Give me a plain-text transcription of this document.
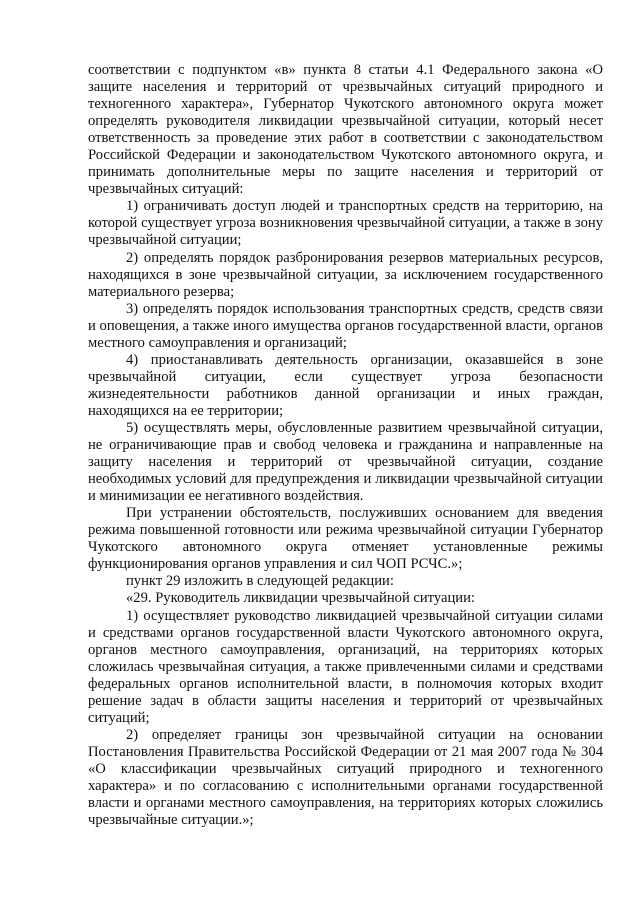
соответствии с подпунктом «в» пункта 8 статьи 4.1 Федерального закона «О защите населения и территорий от чрезвычайных ситуаций природного и техногенного характера», Губернатор Чукотского автономного округа может определять руководителя ликвидации чрезвычайной ситуации, который несет ответственность за проведение этих работ в соответствии с законодательством Российской Федерации и законодательством Чукотского автономного округа, и принимать дополнительные меры по защите населения и территорий от чрезвычайных ситуаций:

1) ограничивать доступ людей и транспортных средств на территорию, на которой существует угроза возникновения чрезвычайной ситуации, а также в зону чрезвычайной ситуации;

2) определять порядок разбронирования резервов материальных ресурсов, находящихся в зоне чрезвычайной ситуации, за исключением государственного материального резерва;

3) определять порядок использования транспортных средств, средств связи и оповещения, а также иного имущества органов государственной власти, органов местного самоуправления и организаций;

4) приостанавливать деятельность организации, оказавшейся в зоне чрезвычайной ситуации, если существует угроза безопасности жизнедеятельности работников данной организации и иных граждан, находящихся на ее территории;

5) осуществлять меры, обусловленные развитием чрезвычайной ситуации, не ограничивающие прав и свобод человека и гражданина и направленные на защиту населения и территорий от чрезвычайной ситуации, создание необходимых условий для предупреждения и ликвидации чрезвычайной ситуации и минимизации ее негативного воздействия.

При устранении обстоятельств, послуживших основанием для введения режима повышенной готовности или режима чрезвычайной ситуации Губернатор Чукотского автономного округа отменяет установленные режимы функционирования органов управления и сил ЧОП РСЧС.»;

пункт 29 изложить в следующей редакции:

«29. Руководитель ликвидации чрезвычайной ситуации:

1) осуществляет руководство ликвидацией чрезвычайной ситуации силами и средствами органов государственной власти Чукотского автономного округа, органов местного самоуправления, организаций, на территориях которых сложилась чрезвычайная ситуация, а также привлеченными силами и средствами федеральных органов исполнительной власти, в полномочия которых входит решение задач в области защиты населения и территорий от чрезвычайных ситуаций;

2) определяет границы зон чрезвычайной ситуации на основании Постановления Правительства Российской Федерации от 21 мая 2007 года № 304 «О классификации чрезвычайных ситуаций природного и техногенного характера» и по согласованию с исполнительными органами государственной власти и органами местного самоуправления, на территориях которых сложились чрезвычайные ситуации.»;
